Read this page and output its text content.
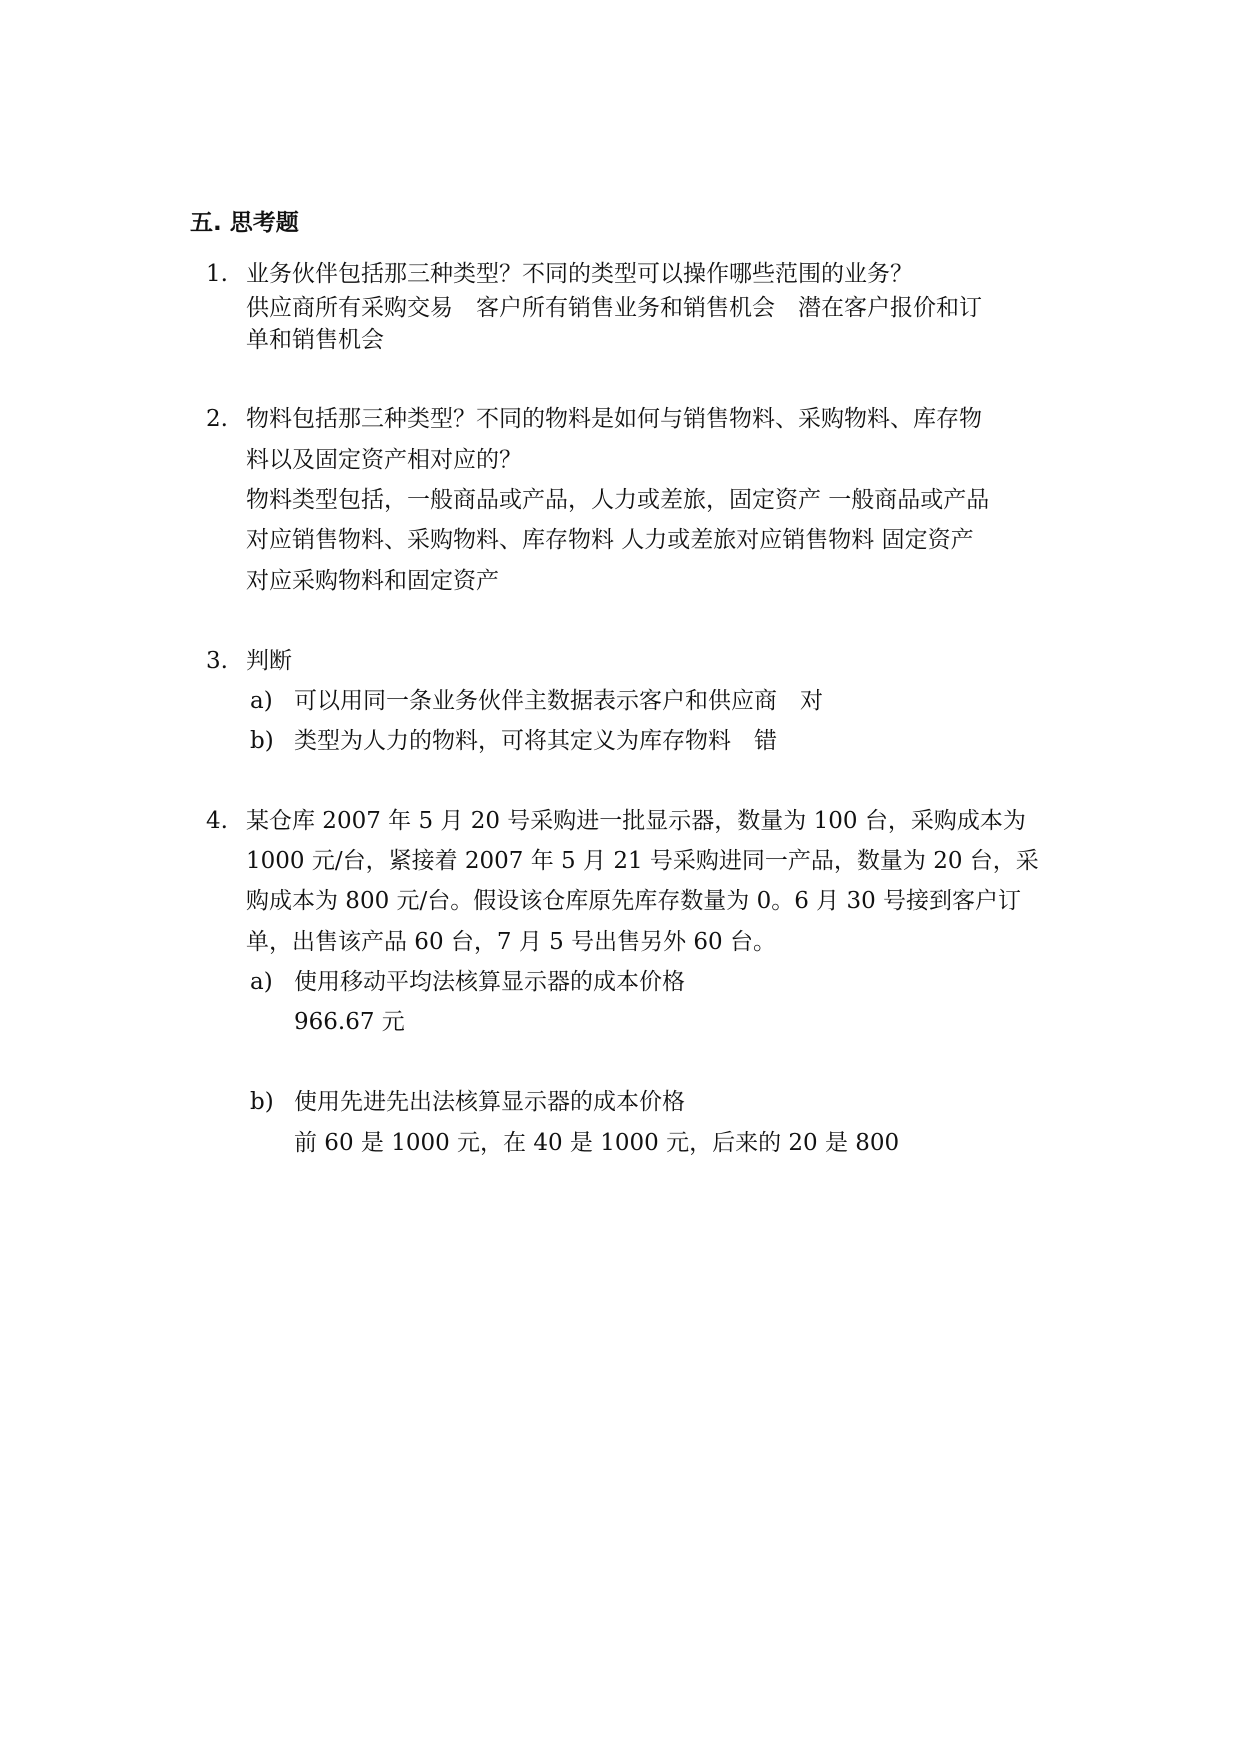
五. 思考题
1. 业务伙伴包括那三种类型？不同的类型可以操作哪些范围的业务？
供应商所有采购交易　客户所有销售业务和销售机会　潜在客户报价和订
单和销售机会
2. 物料包括那三种类型？不同的物料是如何与销售物料、采购物料、库存物
料以及固定资产相对应的？
物料类型包括，一般商品或产品，人力或差旅，固定资产 一般商品或产品
对应销售物料、采购物料、库存物料 人力或差旅对应销售物料 固定资产
对应采购物料和固定资产
3. 判断
a) 可以用同一条业务伙伴主数据表示客户和供应商　对
b) 类型为人力的物料，可将其定义为库存物料　错
4. 某仓库 2007 年 5 月 20 号采购进一批显示器，数量为 100 台，采购成本为
1000 元/台，紧接着 2007 年 5 月 21 号采购进同一产品，数量为 20 台，采
购成本为 800 元/台。假设该仓库原先库存数量为 0。6 月 30 号接到客户订
单，出售该产品 60 台，7 月 5 号出售另外 60 台。
a) 使用移动平均法核算显示器的成本价格
966.67 元
b) 使用先进先出法核算显示器的成本价格
前 60 是 1000 元，在 40 是 1000 元，后来的 20 是 800
